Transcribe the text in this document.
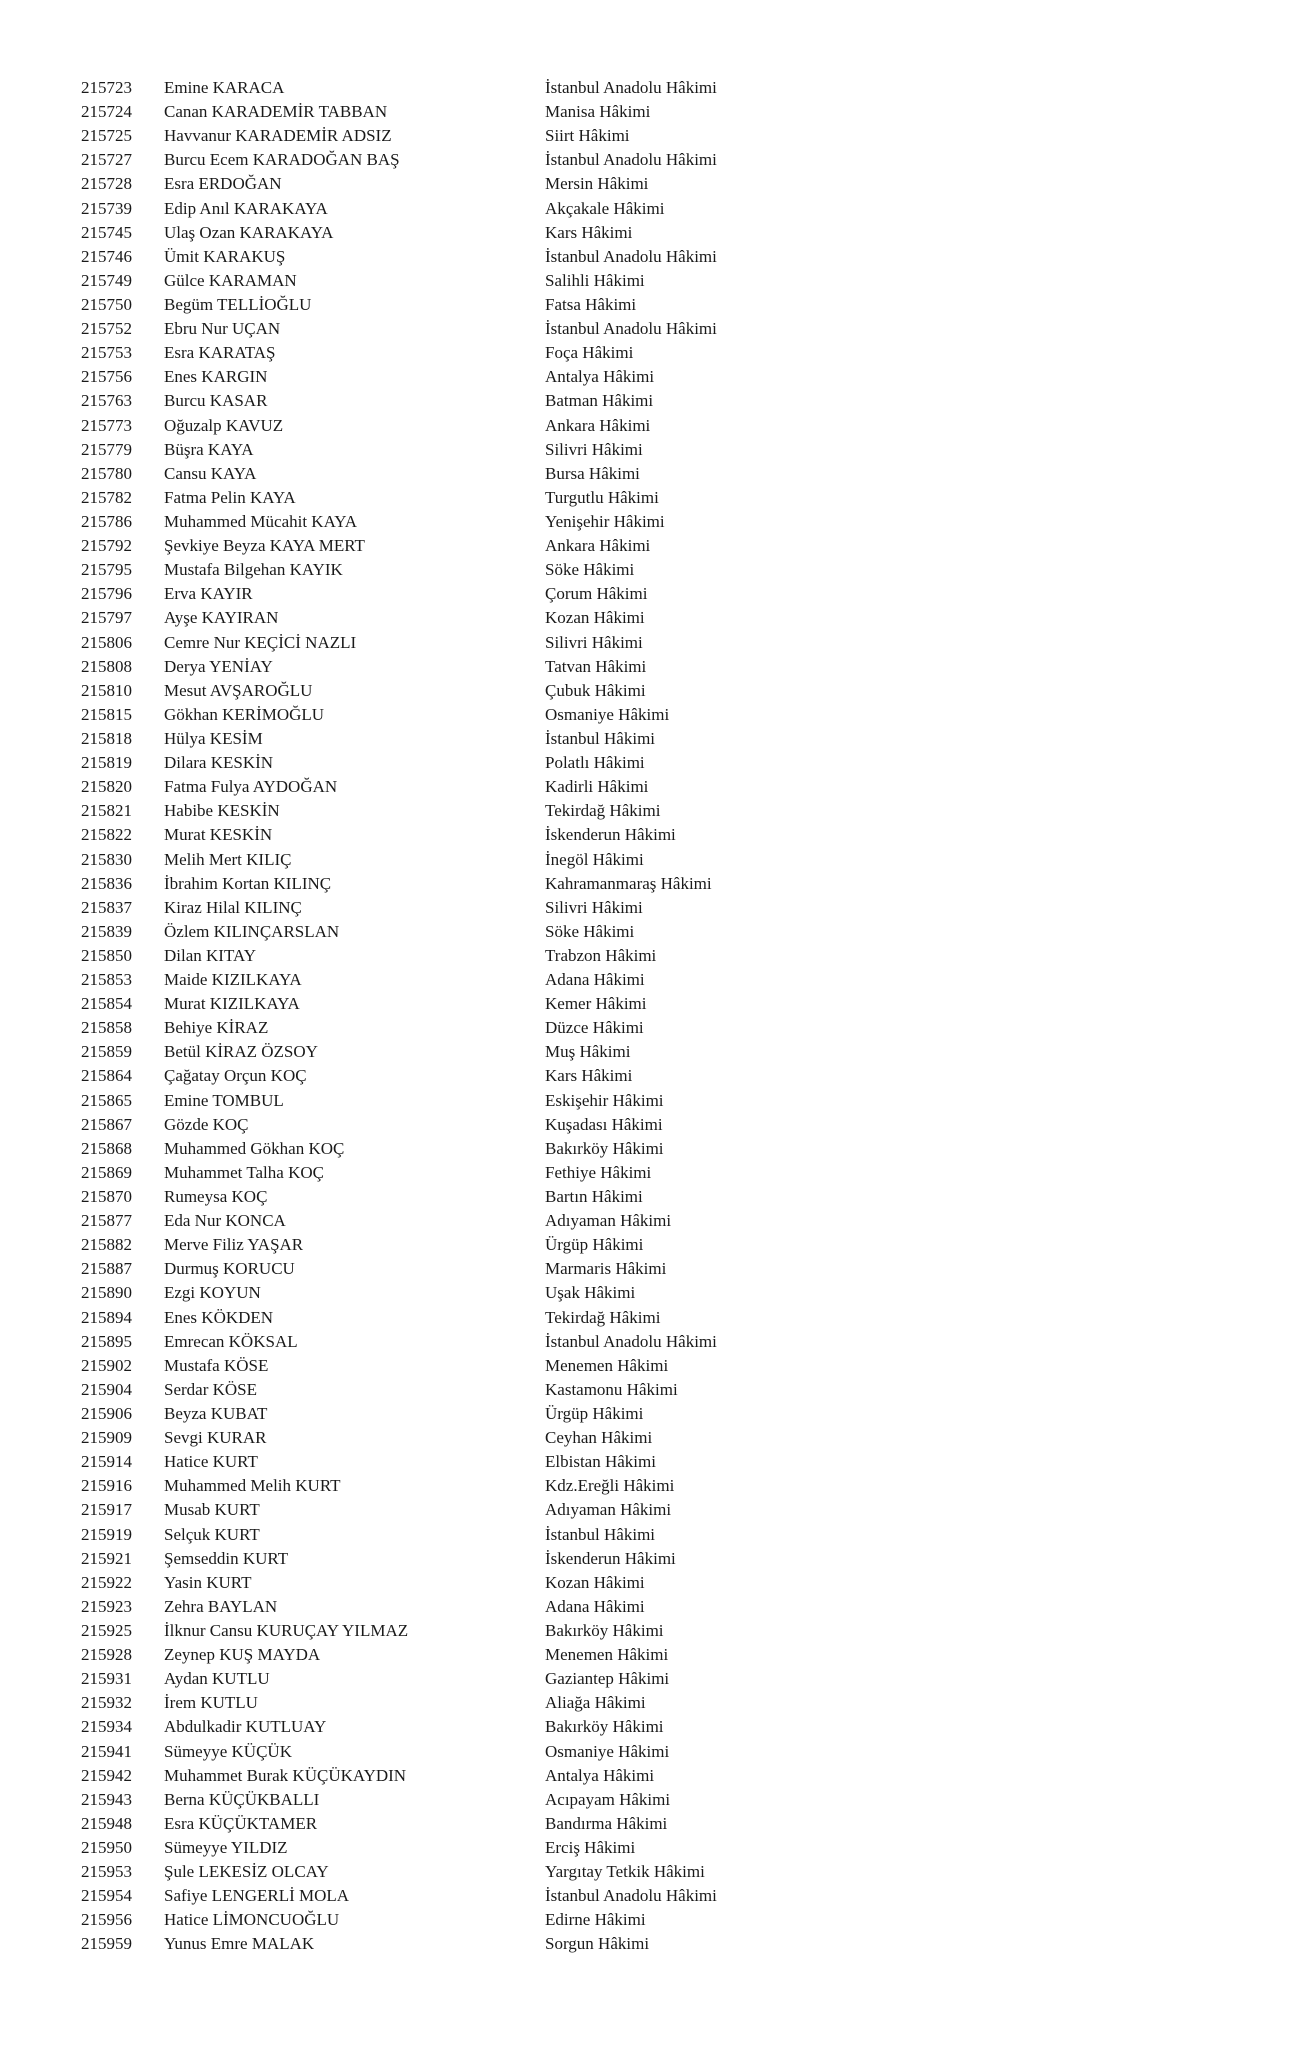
215723 Emine KARACA	İstanbul Anadolu Hâkimi
215724 Canan KARADEMİR TABBAN	Manisa Hâkimi
215725 Havvanur KARADEMİR ADSIZ	Siirt Hâkimi
215727 Burcu Ecem KARADOĞAN BAŞ	İstanbul Anadolu Hâkimi
215728 Esra ERDOĞAN	Mersin Hâkimi
215739 Edip Anıl KARAKAYA	Akçakale Hâkimi
215745 Ulaş Ozan KARAKAYA	Kars Hâkimi
215746 Ümit KARAKUŞ	İstanbul Anadolu Hâkimi
215749 Gülce KARAMAN	Salihli Hâkimi
215750 Begüm TELLİOĞLU	Fatsa Hâkimi
215752 Ebru Nur UÇAN	İstanbul Anadolu Hâkimi
215753 Esra KARATAŞ	Foça Hâkimi
215756 Enes KARGIN	Antalya Hâkimi
215763 Burcu KASAR	Batman Hâkimi
215773 Oğuzalp KAVUZ	Ankara Hâkimi
215779 Büşra KAYA	Silivri Hâkimi
215780 Cansu KAYA	Bursa Hâkimi
215782 Fatma Pelin KAYA	Turgutlu Hâkimi
215786 Muhammed Mücahit KAYA	Yenişehir Hâkimi
215792 Şevkiye Beyza KAYA MERT	Ankara Hâkimi
215795 Mustafa Bilgehan KAYIK	Söke Hâkimi
215796 Erva KAYIR	Çorum Hâkimi
215797 Ayşe KAYIRAN	Kozan Hâkimi
215806 Cemre Nur KEÇİCİ NAZLI	Silivri Hâkimi
215808 Derya YENİAY	Tatvan Hâkimi
215810 Mesut AVŞAROĞLU	Çubuk Hâkimi
215815 Gökhan KERİMOĞLU	Osmaniye Hâkimi
215818 Hülya KESİM	İstanbul Hâkimi
215819 Dilara KESKİN	Polatlı Hâkimi
215820 Fatma Fulya AYDOĞAN	Kadirli Hâkimi
215821 Habibe KESKİN	Tekirdağ Hâkimi
215822 Murat KESKİN	İskenderun Hâkimi
215830 Melih Mert KILIÇ	İnegöl Hâkimi
215836 İbrahim Kortan KILINÇ	Kahramanmaraş Hâkimi
215837 Kiraz Hilal KILINÇ	Silivri Hâkimi
215839 Özlem KILINÇARSLAN	Söke Hâkimi
215850 Dilan KITAY	Trabzon Hâkimi
215853 Maide KIZILKAYA	Adana Hâkimi
215854 Murat KIZILKAYA	Kemer Hâkimi
215858 Behiye KİRAZ	Düzce Hâkimi
215859 Betül KİRAZ ÖZSOY	Muş Hâkimi
215864 Çağatay Orçun KOÇ	Kars Hâkimi
215865 Emine TOMBUL	Eskişehir Hâkimi
215867 Gözde KOÇ	Kuşadası Hâkimi
215868 Muhammed Gökhan KOÇ	Bakırköy Hâkimi
215869 Muhammet Talha KOÇ	Fethiye Hâkimi
215870 Rumeysa KOÇ	Bartın Hâkimi
215877 Eda Nur KONCA	Adıyaman Hâkimi
215882 Merve Filiz YAŞAR	Ürgüp Hâkimi
215887 Durmuş KORUCU	Marmaris Hâkimi
215890 Ezgi KOYUN	Uşak Hâkimi
215894 Enes KÖKDEN	Tekirdağ Hâkimi
215895 Emrecan KÖKSAL	İstanbul Anadolu Hâkimi
215902 Mustafa KÖSE	Menemen Hâkimi
215904 Serdar KÖSE	Kastamonu Hâkimi
215906 Beyza KUBAT	Ürgüp Hâkimi
215909 Sevgi KURAR	Ceyhan Hâkimi
215914 Hatice KURT	Elbistan Hâkimi
215916 Muhammed Melih KURT	Kdz.Ereğli Hâkimi
215917 Musab KURT	Adıyaman Hâkimi
215919 Selçuk KURT	İstanbul Hâkimi
215921 Şemseddin KURT	İskenderun Hâkimi
215922 Yasin KURT	Kozan Hâkimi
215923 Zehra BAYLAN	Adana Hâkimi
215925 İlknur Cansu KURUÇAY YILMAZ	Bakırköy Hâkimi
215928 Zeynep KUŞ MAYDA	Menemen Hâkimi
215931 Aydan KUTLU	Gaziantep Hâkimi
215932 İrem KUTLU	Aliağa Hâkimi
215934 Abdulkadir KUTLUAY	Bakırköy Hâkimi
215941 Sümeyye KÜÇÜK	Osmaniye Hâkimi
215942 Muhammet Burak KÜÇÜKAYDIN	Antalya Hâkimi
215943 Berna KÜÇÜKBALLI	Acıpayam Hâkimi
215948 Esra KÜÇÜKTAMER	Bandırma Hâkimi
215950 Sümeyye YILDIZ	Erciş Hâkimi
215953 Şule LEKESİZ OLCAY	Yargıtay Tetkik Hâkimi
215954 Safiye LENGERLİ MOLA	İstanbul Anadolu Hâkimi
215956 Hatice LİMONCUOĞLU	Edirne Hâkimi
215959 Yunus Emre MALAK	Sorgun Hâkimi
